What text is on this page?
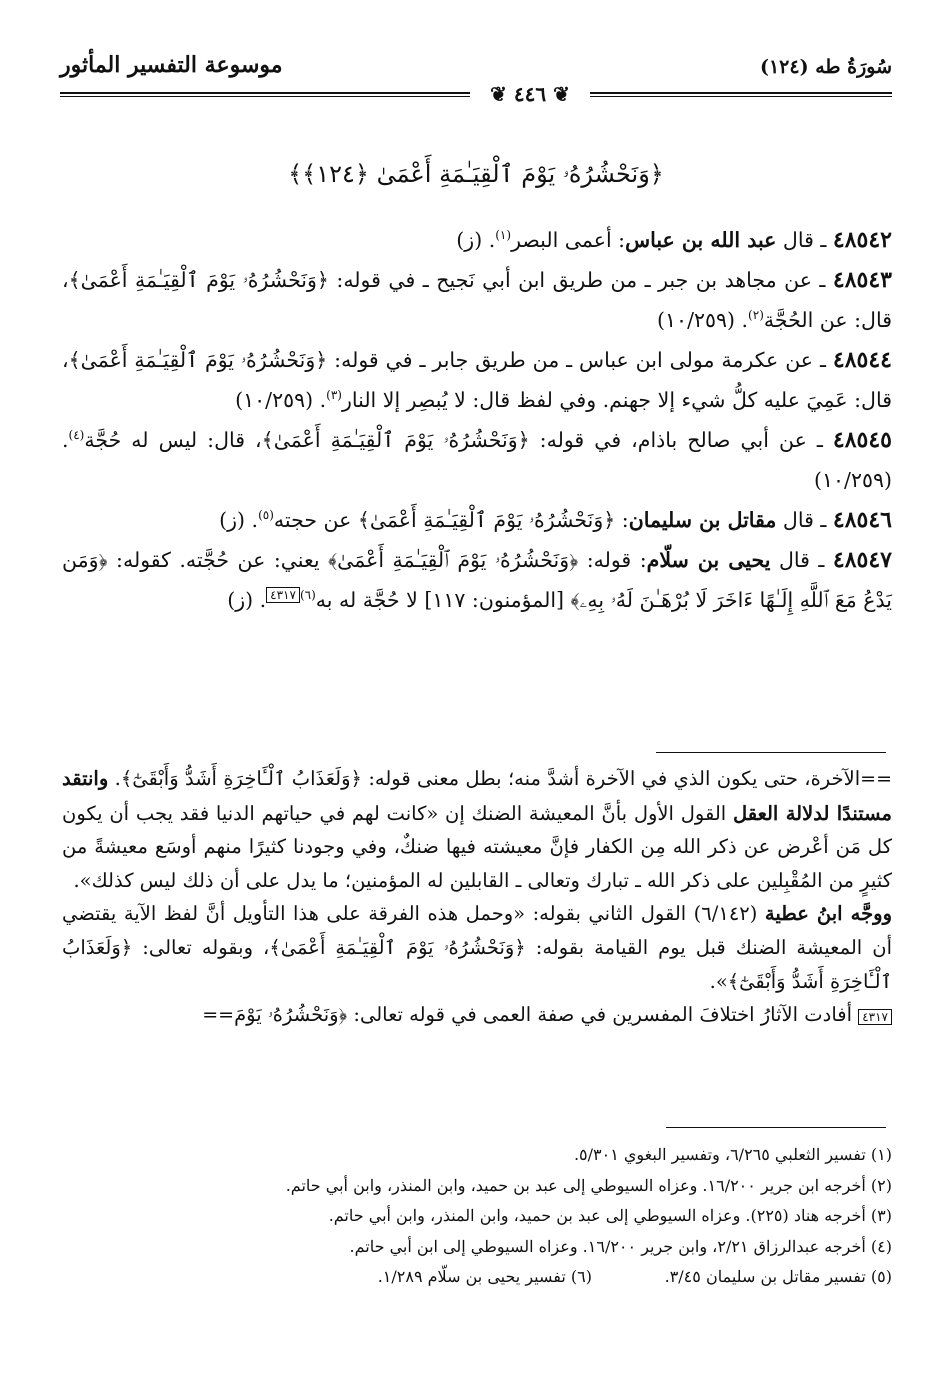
سُورَةُ طه (١٢٤)
موسوعة التفسير المأثور
❦ ٤٤٦ ❦
﴿وَنَحْشُرُهُۥ يَوْمَ ٱلْقِيَـٰمَةِ أَعْمَىٰ ﴿١٢٤﴾﴾

٤٨٥٤٢ ـ قال عبد الله بن عباس: أعمى البصر$^{(١)}$. (ز)

٤٨٥٤٣ ـ عن مجاهد بن جبر ـ من طريق ابن أبي نَجيح ـ في قوله: ﴿وَنَحْشُرُهُۥ يَوْمَ ٱلْقِيَـٰمَةِ أَعْمَىٰ﴾، قال: عن الحُجَّة$^{(٢)}$. (١٠/٢٥٩)

٤٨٥٤٤ ـ عن عكرمة مولى ابن عباس ـ من طريق جابر ـ في قوله: ﴿وَنَحْشُرُهُۥ يَوْمَ ٱلْقِيَـٰمَةِ أَعْمَىٰ﴾، قال: عَمِيَ عليه كلُّ شيء إلا جهنم. وفي لفظ قال: لا يُبصِر إلا النار$^{(٣)}$. (١٠/٢٥٩)

٤٨٥٤٥ ـ عن أبي صالح باذام، في قوله: ﴿وَنَحْشُرُهُۥ يَوْمَ ٱلْقِيَـٰمَةِ أَعْمَىٰ﴾، قال: ليس له حُجَّة$^{(٤)}$. (١٠/٢٥٩)

٤٨٥٤٦ ـ قال مقاتل بن سليمان: ﴿وَنَحْشُرُهُۥ يَوْمَ ٱلْقِيَـٰمَةِ أَعْمَىٰ﴾ عن حجته$^{(٥)}$. (ز)

٤٨٥٤٧ ـ قال يحيى بن سلّام: قوله: ﴿وَنَحْشُرُهُۥ يَوْمَ ٱلْقِيَـٰمَةِ أَعْمَىٰ﴾ يعني: عن حُجَّته. كقوله: ﴿وَمَن يَدْعُ مَعَ ٱللَّهِ إِلَـٰهًا ءَاخَرَ لَا بُرْهَـٰنَ لَهُۥ بِهِۦ﴾ [المؤمنون: ١١٧] لا حُجَّة له به$^{(٦)}$٤٣١٧. (ز)

==الآخرة، حتى يكون الذي في الآخرة أشدَّ منه؛ بطل معنى قوله: ﴿وَلَعَذَابُ ٱلْـَٔاخِرَةِ أَشَدُّ وَأَبْقَىٰٓ﴾. وانتقد مستندًا لدلالة العقل القول الأول بأنَّ المعيشة الضنك إن «كانت لهم في حياتهم الدنيا فقد يجب أن يكون كل مَن أعْرض عن ذكر الله مِن الكفار فإنَّ معيشته فيها ضنكٌ، وفي وجودنا كثيرًا منهم أوسَع معيشةً من كثيرٍ من المُقْبِلين على ذكر الله ـ تبارك وتعالى ـ القابلين له المؤمنين؛ ما يدل على أن ذلك ليس كذلك».

ووجَّه ابنُ عطية (٦/١٤٢) القول الثاني بقوله: «وحمل هذه الفرقة على هذا التأويل أنَّ لفظ الآية يقتضي أن المعيشة الضنك قبل يوم القيامة بقوله: ﴿وَنَحْشُرُهُۥ يَوْمَ ٱلْقِيَـٰمَةِ أَعْمَىٰ﴾، وبقوله تعالى: ﴿وَلَعَذَابُ ٱلْـَٔاخِرَةِ أَشَدُّ وَأَبْقَىٰٓ﴾».

٤٣١٧ أفادت الآثارُ اختلافَ المفسرين في صفة العمى في قوله تعالى: ﴿وَنَحْشُرُهُۥ يَوْمَ==

(١) تفسير الثعلبي ٦/٢٦٥، وتفسير البغوي ٥/٣٠١.
(٢) أخرجه ابن جرير ١٦/٢٠٠. وعزاه السيوطي إلى عبد بن حميد، وابن المنذر، وابن أبي حاتم.
(٣) أخرجه هناد (٢٢٥). وعزاه السيوطي إلى عبد بن حميد، وابن المنذر، وابن أبي حاتم.
(٤) أخرجه عبدالرزاق ٢/٢١، وابن جرير ١٦/٢٠٠. وعزاه السيوطي إلى ابن أبي حاتم.
(٥) تفسير مقاتل بن سليمان ٣/٤٥.
(٦) تفسير يحيى بن سلّام ١/٢٨٩.
